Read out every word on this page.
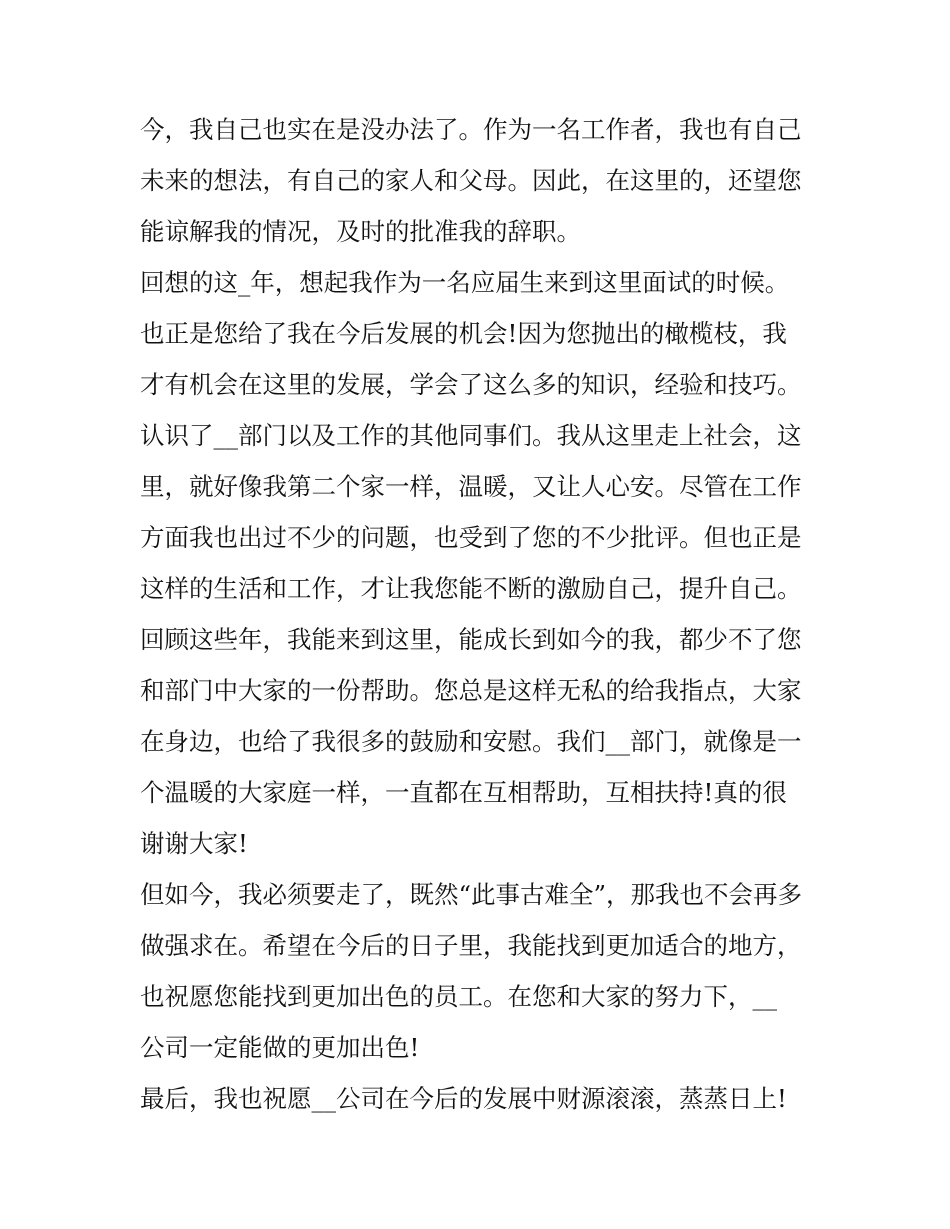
今，我自己也实在是没办法了。作为一名工作者，我也有自己
未来的想法，有自己的家人和父母。因此，在这里的，还望您
能谅解我的情况，及时的批准我的辞职。
回想的这_年，想起我作为一名应届生来到这里面试的时候。
也正是您给了我在今后发展的机会!因为您抛出的橄榄枝，我
才有机会在这里的发展，学会了这么多的知识，经验和技巧。
认识了__部门以及工作的其他同事们。我从这里走上社会，这
里，就好像我第二个家一样，温暖，又让人心安。尽管在工作
方面我也出过不少的问题，也受到了您的不少批评。但也正是
这样的生活和工作，才让我您能不断的激励自己，提升自己。
回顾这些年，我能来到这里，能成长到如今的我，都少不了您
和部门中大家的一份帮助。您总是这样无私的给我指点，大家
在身边，也给了我很多的鼓励和安慰。我们__部门，就像是一
个温暖的大家庭一样，一直都在互相帮助，互相扶持!真的很
谢谢大家!
但如今，我必须要走了，既然“此事古难全”，那我也不会再多
做强求在。希望在今后的日子里，我能找到更加适合的地方，
也祝愿您能找到更加出色的员工。在您和大家的努力下，__
公司一定能做的更加出色!
最后，我也祝愿__公司在今后的发展中财源滚滚，蒸蒸日上!
